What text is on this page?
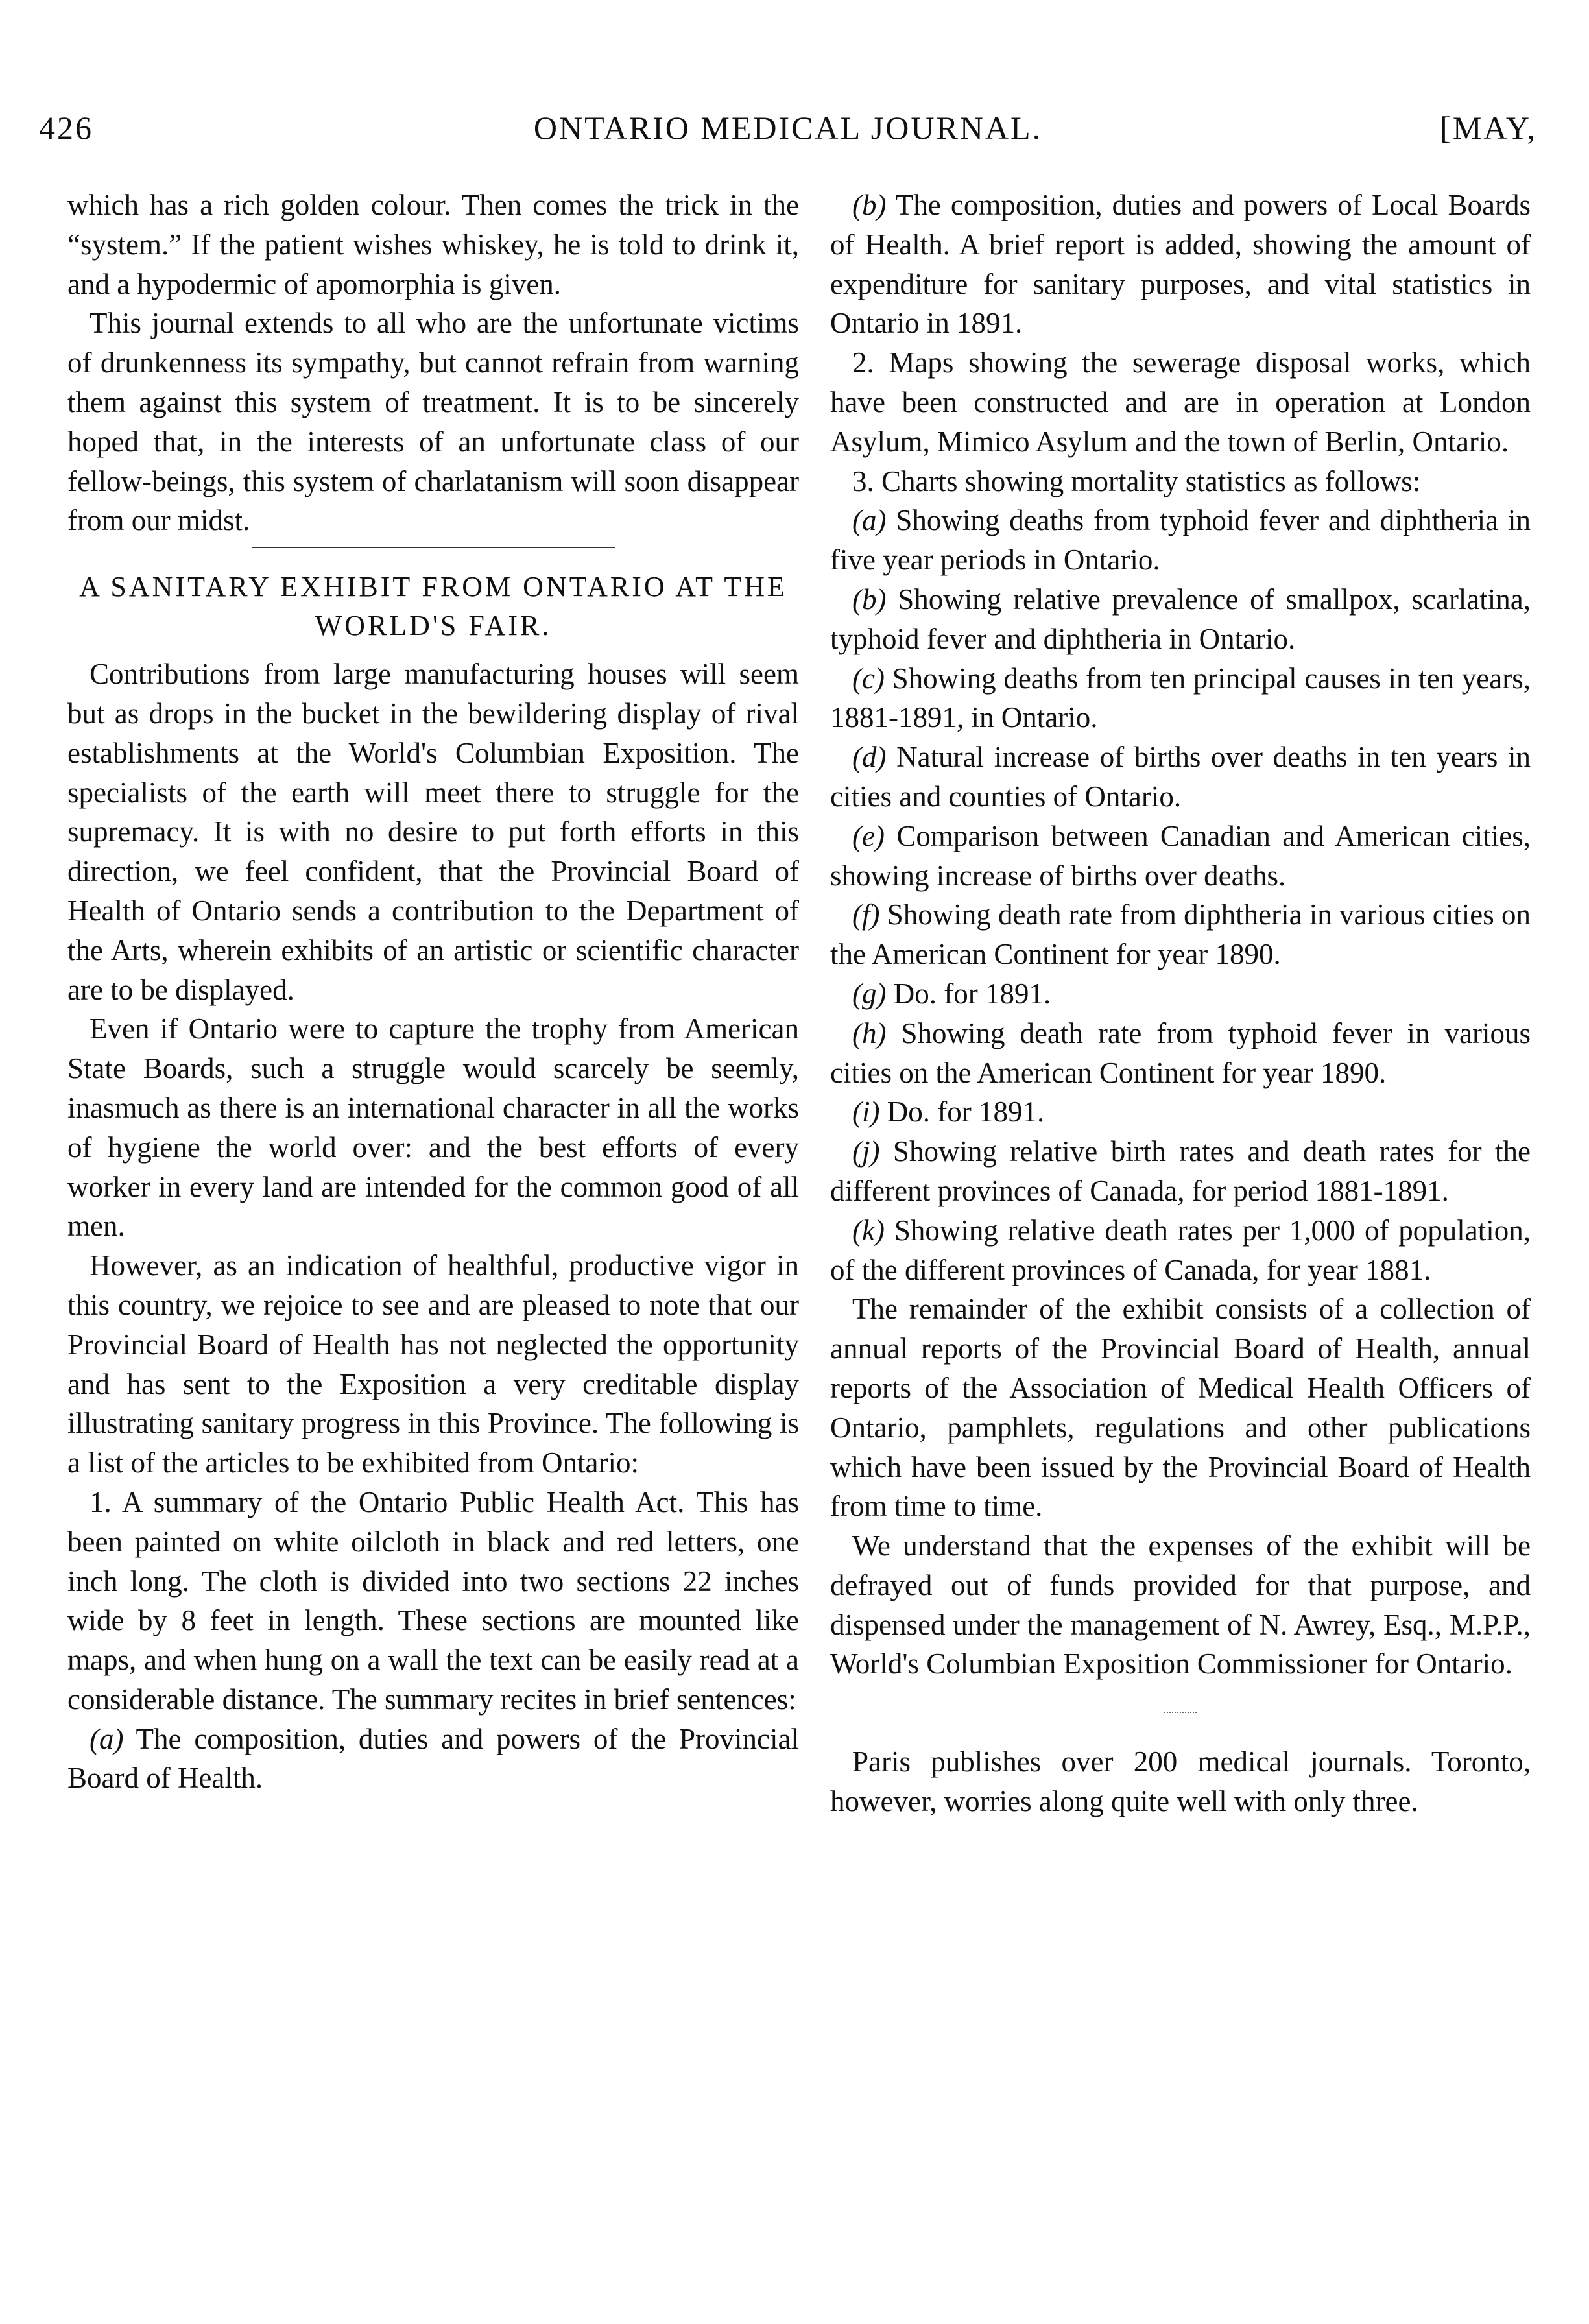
426	ONTARIO MEDICAL JOURNAL.	[MAY,

which has a rich golden colour. Then comes the trick in the “system.” If the patient wishes whiskey, he is told to drink it, and a hypodermic of apomorphia is given.

This journal extends to all who are the unfortunate victims of drunkenness its sympathy, but cannot refrain from warning them against this system of treatment. It is to be sincerely hoped that, in the interests of an unfortunate class of our fellow-beings, this system of charlatanism will soon disappear from our midst.

A SANITARY EXHIBIT FROM ONTARIO AT THE WORLD'S FAIR.

Contributions from large manufacturing houses will seem but as drops in the bucket in the bewildering display of rival establishments at the World's Columbian Exposition. The specialists of the earth will meet there to struggle for the supremacy. It is with no desire to put forth efforts in this direction, we feel confident, that the Provincial Board of Health of Ontario sends a contribution to the Department of the Arts, wherein exhibits of an artistic or scientific character are to be displayed.

Even if Ontario were to capture the trophy from American State Boards, such a struggle would scarcely be seemly, inasmuch as there is an international character in all the works of hygiene the world over: and the best efforts of every worker in every land are intended for the common good of all men.

However, as an indication of healthful, productive vigor in this country, we rejoice to see and are pleased to note that our Provincial Board of Health has not neglected the opportunity and has sent to the Exposition a very creditable display illustrating sanitary progress in this Province. The following is a list of the articles to be exhibited from Ontario:

1. A summary of the Ontario Public Health Act. This has been painted on white oilcloth in black and red letters, one inch long. The cloth is divided into two sections 22 inches wide by 8 feet in length. These sections are mounted like maps, and when hung on a wall the text can be easily read at a considerable distance. The summary recites in brief sentences:

(a) The composition, duties and powers of the Provincial Board of Health.

(b) The composition, duties and powers of Local Boards of Health. A brief report is added, showing the amount of expenditure for sanitary purposes, and vital statistics in Ontario in 1891.

2. Maps showing the sewerage disposal works, which have been constructed and are in operation at London Asylum, Mimico Asylum and the town of Berlin, Ontario.

3. Charts showing mortality statistics as follows:

(a) Showing deaths from typhoid fever and diphtheria in five year periods in Ontario.

(b) Showing relative prevalence of smallpox, scarlatina, typhoid fever and diphtheria in Ontario.

(c) Showing deaths from ten principal causes in ten years, 1881-1891, in Ontario.

(d) Natural increase of births over deaths in ten years in cities and counties of Ontario.

(e) Comparison between Canadian and American cities, showing increase of births over deaths.

(f) Showing death rate from diphtheria in various cities on the American Continent for year 1890.

(g) Do. for 1891.

(h) Showing death rate from typhoid fever in various cities on the American Continent for year 1890.

(i) Do. for 1891.

(j) Showing relative birth rates and death rates for the different provinces of Canada, for period 1881-1891.

(k) Showing relative death rates per 1,000 of population, of the different provinces of Canada, for year 1881.

The remainder of the exhibit consists of a collection of annual reports of the Provincial Board of Health, annual reports of the Association of Medical Health Officers of Ontario, pamphlets, regulations and other publications which have been issued by the Provincial Board of Health from time to time.

We understand that the expenses of the exhibit will be defrayed out of funds provided for that purpose, and dispensed under the management of N. Awrey, Esq., M.P.P., World's Columbian Exposition Commissioner for Ontario.

Paris publishes over 200 medical journals. Toronto, however, worries along quite well with only three.
